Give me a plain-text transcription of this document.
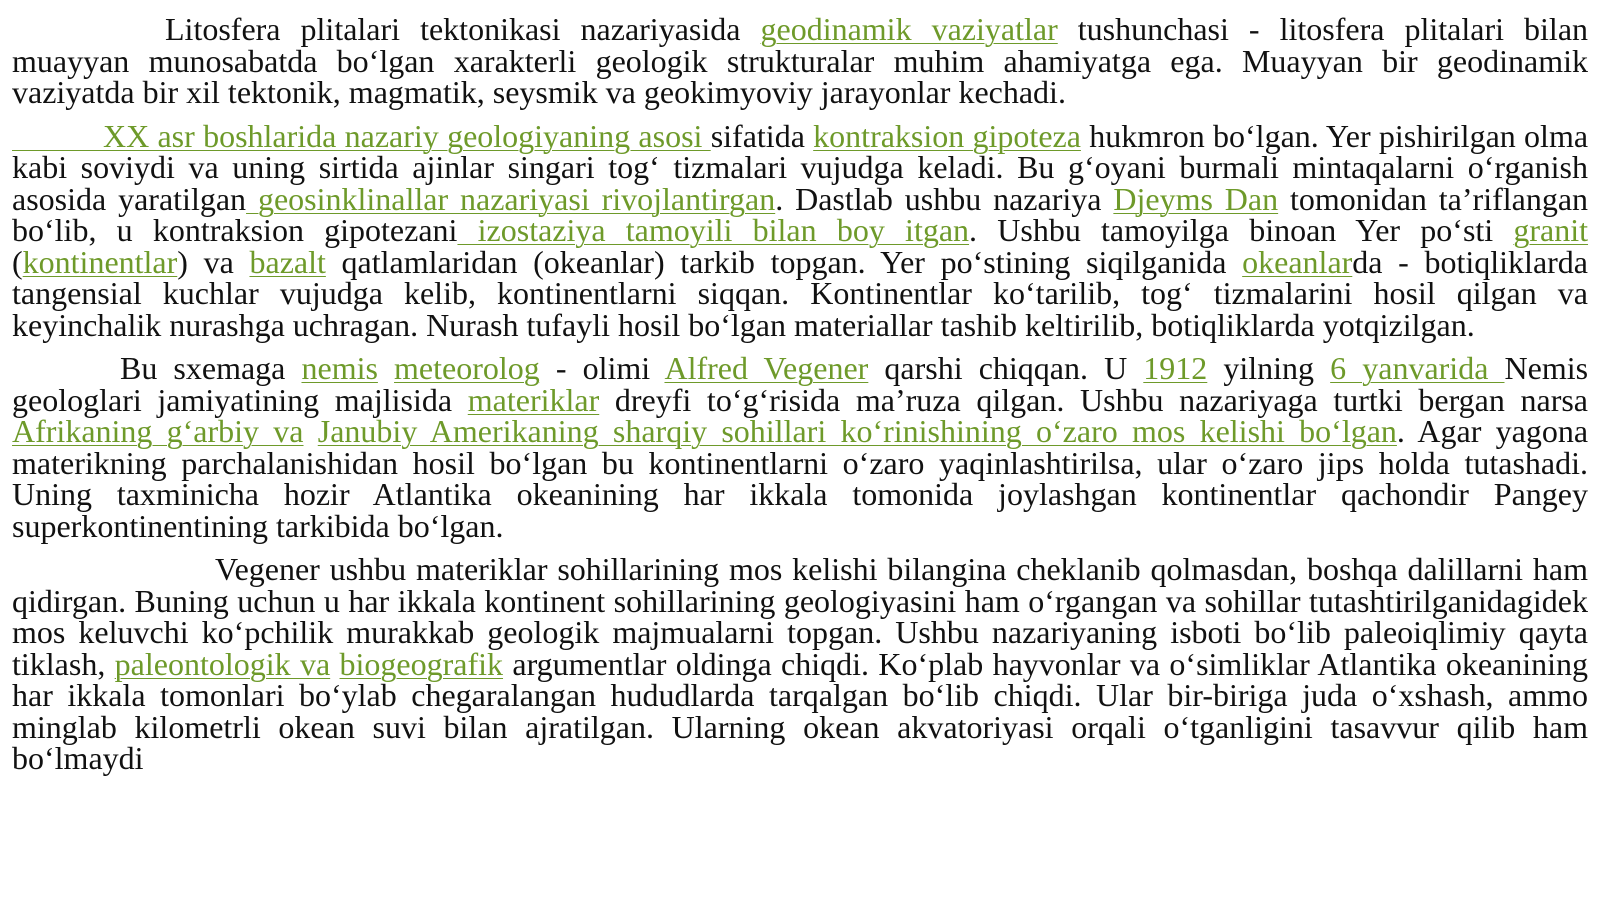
Litosfera plitalari tektonikasi nazariyasida geodinamik vaziyatlar tushunchasi - litosfera plitalari bilan muayyan munosabatda bo‘lgan xarakterli geologik strukturalar muhim ahamiyatga ega. Muayyan bir geodinamik vaziyatda bir xil tektonik, magmatik, seysmik va geokimyoviy jarayonlar kechadi.

XX asr boshlarida nazariy geologiyaning asosi sifatida kontraksion gipoteza hukmron bo‘lgan. Yer pishirilgan olma kabi soviydi va uning sirtida ajinlar singari tog‘ tizmalari vujudga keladi. Bu g‘oyani burmali mintaqalarni o‘rganish asosida yaratilgan geosinklinallar nazariyasi rivojlantirgan. Dastlab ushbu nazariya Djeyms Dan tomonidan ta’riflangan bo‘lib, u kontraksion gipotezani izostaziya tamoyili bilan boy itgan. Ushbu tamoyilga binoan Yer po‘sti granit (kontinentlar) va bazalt qatlamlaridan (okeanlar) tarkib topgan. Yer po‘stining siqilganida okeanlarda - botiqliklarda tangensial kuchlar vujudga kelib, kontinentlarni siqqan. Kontinentlar ko‘tarilib, tog‘ tizmalarini hosil qilgan va keyinchalik nurashga uchragan. Nurash tufayli hosil bo‘lgan materiallar tashib keltirilib, botiqliklarda yotqizilgan.

Bu sxemaga nemis meteorolog - olimi Alfred Vegener qarshi chiqqan. U 1912 yilning 6 yanvarida Nemis geologlari jamiyatining majlisida materiklar dreyfi to‘g‘risida ma’ruza qilgan. Ushbu nazariyaga turtki bergan narsa Afrikaning g‘arbiy va Janubiy Amerikaning sharqiy sohillari ko‘rinishining o‘zaro mos kelishi bo‘lgan. Agar yagona materikning parchalanishidan hosil bo‘lgan bu kontinentlarni o‘zaro yaqinlashtirilsa, ular o‘zaro jips holda tutashadi. Uning taxminicha hozir Atlantika okeanining har ikkala tomonida joylashgan kontinentlar qachondir Pangey superkontinentining tarkibida bo‘lgan.

Vegener ushbu materiklar sohillarining mos kelishi bilangina cheklanib qolmasdan, boshqa dalillarni ham qidirgan. Buning uchun u har ikkala kontinent sohillarining geologiyasini ham o‘rgangan va sohillar tutashtirilganidagidek mos keluvchi ko‘pchilik murakkab geologik majmualarni topgan. Ushbu nazariyaning isboti bo‘lib paleoiqlimiy qayta tiklash, paleontologik va biogeografik argumentlar oldinga chiqdi. Ko‘plab hayvonlar va o‘simliklar Atlantika okeanining har ikkala tomonlari bo‘ylab chegaralangan hududlarda tarqalgan bo‘lib chiqdi. Ular bir-biriga juda o‘xshash, ammo minglab kilometrli okean suvi bilan ajratilgan. Ularning okean akvatoriyasi orqali o‘tganligini tasavvur qilib ham bo‘lmaydi
